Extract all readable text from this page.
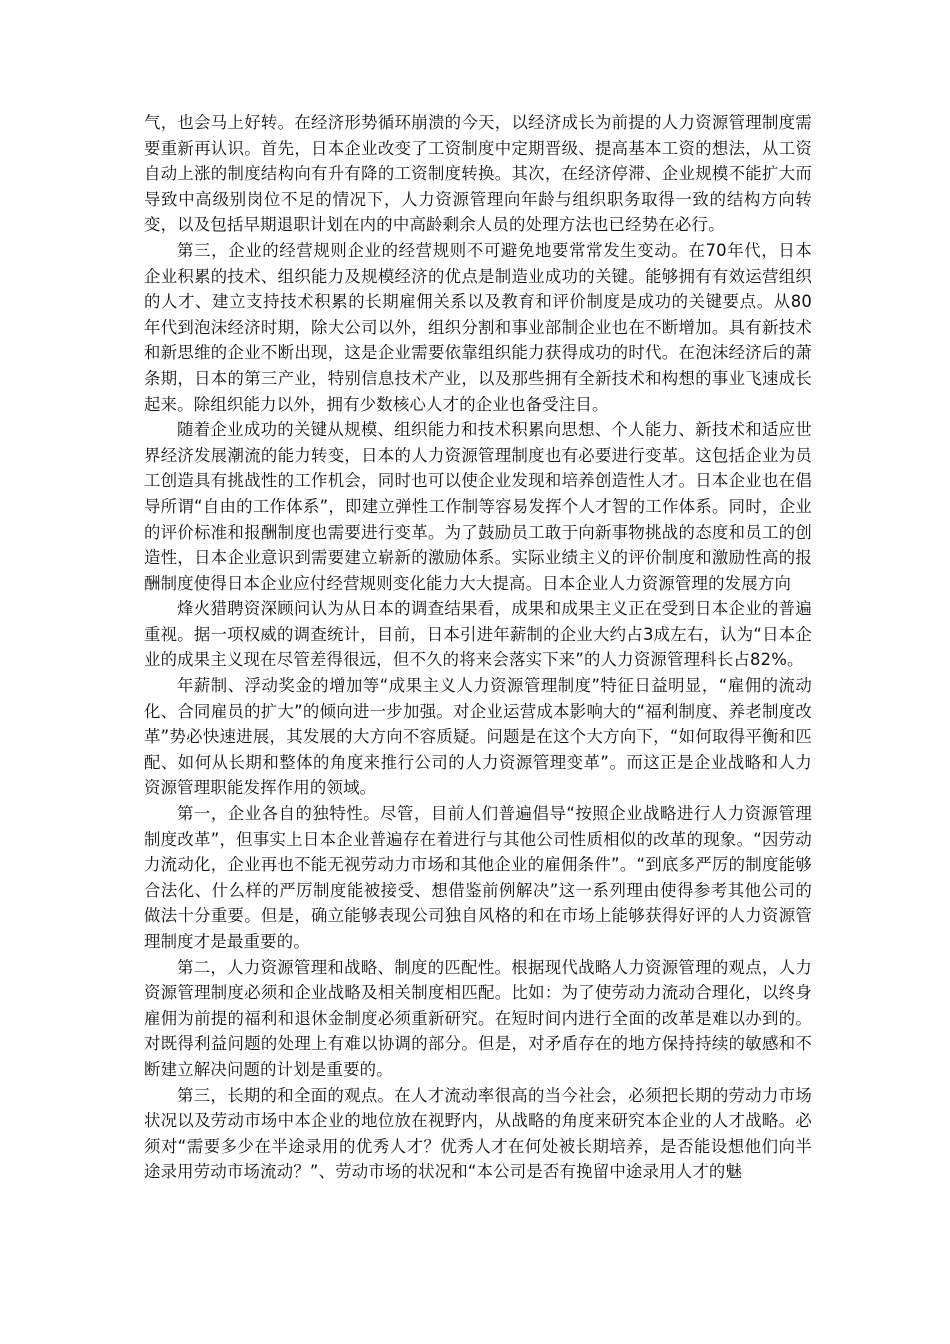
气，也会马上好转。在经济形势循环崩溃的今天，以经济成长为前提的人力资源管理制度需要重新再认识。首先，日本企业改变了工资制度中定期晋级、提高基本工资的想法，从工资自动上涨的制度结构向有升有降的工资制度转换。其次，在经济停滞、企业规模不能扩大而导致中高级别岗位不足的情况下，人力资源管理向年龄与组织职务取得一致的结构方向转变，以及包括早期退职计划在内的中高龄剩余人员的处理方法也已经势在必行。

第三，企业的经营规则企业的经营规则不可避免地要常常发生变动。在70年代，日本企业积累的技术、组织能力及规模经济的优点是制造业成功的关键。能够拥有有效运营组织的人才、建立支持技术积累的长期雇佣关系以及教育和评价制度是成功的关键要点。从80年代到泡沫经济时期，除大公司以外，组织分割和事业部制企业也在不断增加。具有新技术和新思维的企业不断出现，这是企业需要依靠组织能力获得成功的时代。在泡沫经济后的萧条期，日本的第三产业，特别信息技术产业，以及那些拥有全新技术和构想的事业飞速成长起来。除组织能力以外，拥有少数核心人才的企业也备受注目。

随着企业成功的关键从规模、组织能力和技术积累向思想、个人能力、新技术和适应世界经济发展潮流的能力转变，日本的人力资源管理制度也有必要进行变革。这包括企业为员工创造具有挑战性的工作机会，同时也可以使企业发现和培养创造性人才。日本企业也在倡导所谓“自由的工作体系”，即建立弹性工作制等容易发挥个人才智的工作体系。同时，企业的评价标准和报酬制度也需要进行变革。为了鼓励员工敢于向新事物挑战的态度和员工的创造性，日本企业意识到需要建立崭新的激励体系。实际业绩主义的评价制度和激励性高的报酬制度使得日本企业应付经营规则变化能力大大提高。日本企业人力资源管理的发展方向

烽火猎聘资深顾问认为从日本的调查结果看，成果和成果主义正在受到日本企业的普遍重视。据一项权威的调查统计，目前，日本引进年薪制的企业大约占3成左右，认为“日本企业的成果主义现在尽管差得很远，但不久的将来会落实下来”的人力资源管理科长占82%。

年薪制、浮动奖金的增加等“成果主义人力资源管理制度”特征日益明显，“雇佣的流动化、合同雇员的扩大”的倾向进一步加强。对企业运营成本影响大的“福利制度、养老制度改革”势必快速进展，其发展的大方向不容质疑。问题是在这个大方向下，“如何取得平衡和匹配、如何从长期和整体的角度来推行公司的人力资源管理变革”。而这正是企业战略和人力资源管理职能发挥作用的领域。

第一，企业各自的独特性。尽管，目前人们普遍倡导“按照企业战略进行人力资源管理制度改革”，但事实上日本企业普遍存在着进行与其他公司性质相似的改革的现象。“因劳动力流动化，企业再也不能无视劳动力市场和其他企业的雇佣条件”。“到底多严厉的制度能够合法化、什么样的严厉制度能被接受、想借鉴前例解决”这一系列理由使得参考其他公司的做法十分重要。但是，确立能够表现公司独自风格的和在市场上能够获得好评的人力资源管理制度才是最重要的。

第二，人力资源管理和战略、制度的匹配性。根据现代战略人力资源管理的观点，人力资源管理制度必须和企业战略及相关制度相匹配。比如：为了使劳动力流动合理化，以终身雇佣为前提的福利和退休金制度必须重新研究。在短时间内进行全面的改革是难以办到的。对既得利益问题的处理上有难以协调的部分。但是，对矛盾存在的地方保持持续的敏感和不断建立解决问题的计划是重要的。

第三，长期的和全面的观点。在人才流动率很高的当今社会，必须把长期的劳动力市场状况以及劳动市场中本企业的地位放在视野内，从战略的角度来研究本企业的人才战略。必须对“需要多少在半途录用的优秀人才？优秀人才在何处被长期培养，是否能设想他们向半途录用劳动市场流动？”、劳动市场的状况和“本公司是否有挽留中途录用人才的魅
